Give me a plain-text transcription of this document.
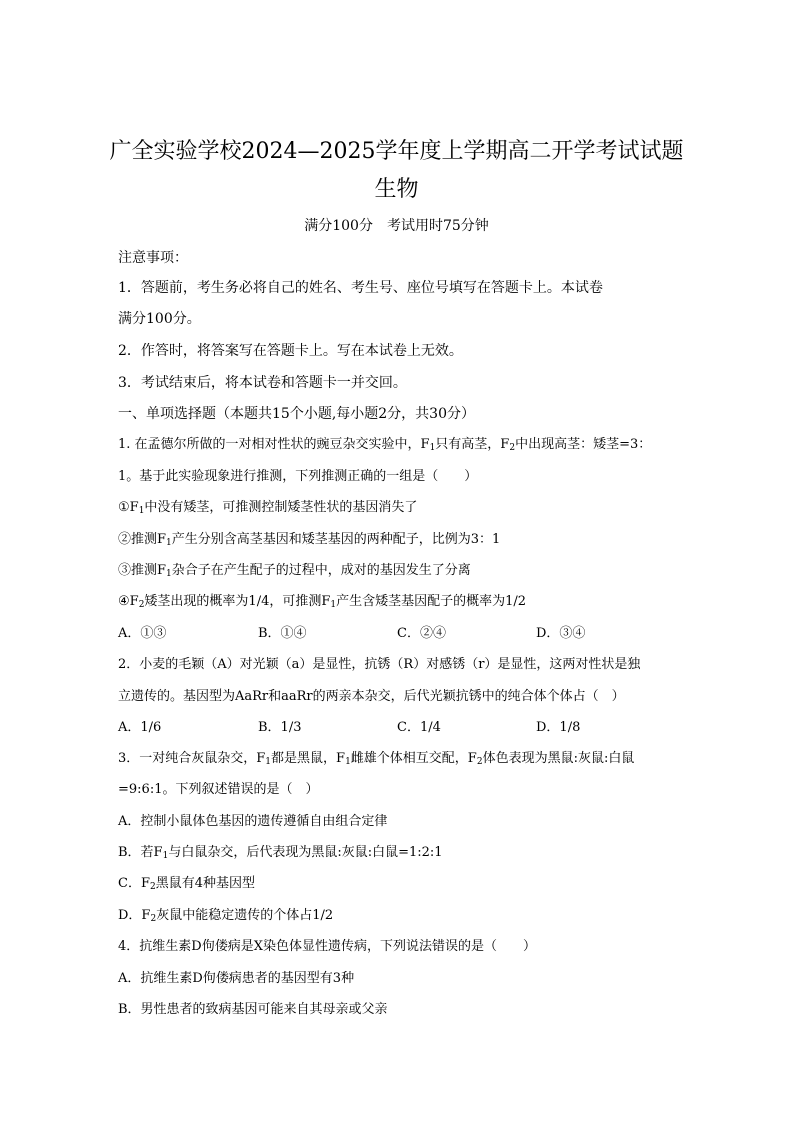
广全实验学校2024—2025学年度上学期高二开学考试试题
生物
满分100分　考试用时75分钟
注意事项：
1．答题前，考生务必将自己的姓名、考生号、座位号填写在答题卡上。本试卷
满分100分。
2．作答时，将答案写在答题卡上。写在本试卷上无效。
3．考试结束后，将本试卷和答题卡一并交回。
一、单项选择题（本题共15个小题,每小题2分，共30分）
1. 在孟德尔所做的一对相对性状的豌豆杂交实验中，$F_1$只有高茎，$F_2$中出现高茎：矮茎=3：
1。基于此实验现象进行推测，下列推测正确的一组是（　　）
$①F_1$中没有矮茎，可推测控制矮茎性状的基因消失了
②推测$F_1$产生分别含高茎基因和矮茎基因的两种配子，比例为3：1
③推测$F_1$杂合子在产生配子的过程中，成对的基因发生了分离
$④F_2$矮茎出现的概率为1/4，可推测$F_1$产生含矮茎基因配子的概率为1/2
A．①③	B．①④	C．②④	D．③④
2．小麦的毛颖（A）对光颖（a）是显性，抗锈（R）对感锈（r）是显性，这两对性状是独
立遗传的。基因型为AaRr和aaRr的两亲本杂交，后代光颖抗锈中的纯合体个体占（　）
A．1/6	B．1/3	C．1/4	D．1/8
3．一对纯合灰鼠杂交，$F_1$都是黑鼠，$F_1$雌雄个体相互交配，$F_2$体色表现为黑鼠:灰鼠:白鼠
=9:6:1。下列叙述错误的是（　）
A．控制小鼠体色基因的遗传遵循自由组合定律
B．若$F_1$与白鼠杂交，后代表现为黑鼠:灰鼠:白鼠=1:2:1
C．$F_2$黑鼠有4种基因型
D．$F_2$灰鼠中能稳定遗传的个体占1/2
4．抗维生素D佝偻病是X染色体显性遗传病，下列说法错误的是（　　）
A．抗维生素D佝偻病患者的基因型有3种
B．男性患者的致病基因可能来自其母亲或父亲
